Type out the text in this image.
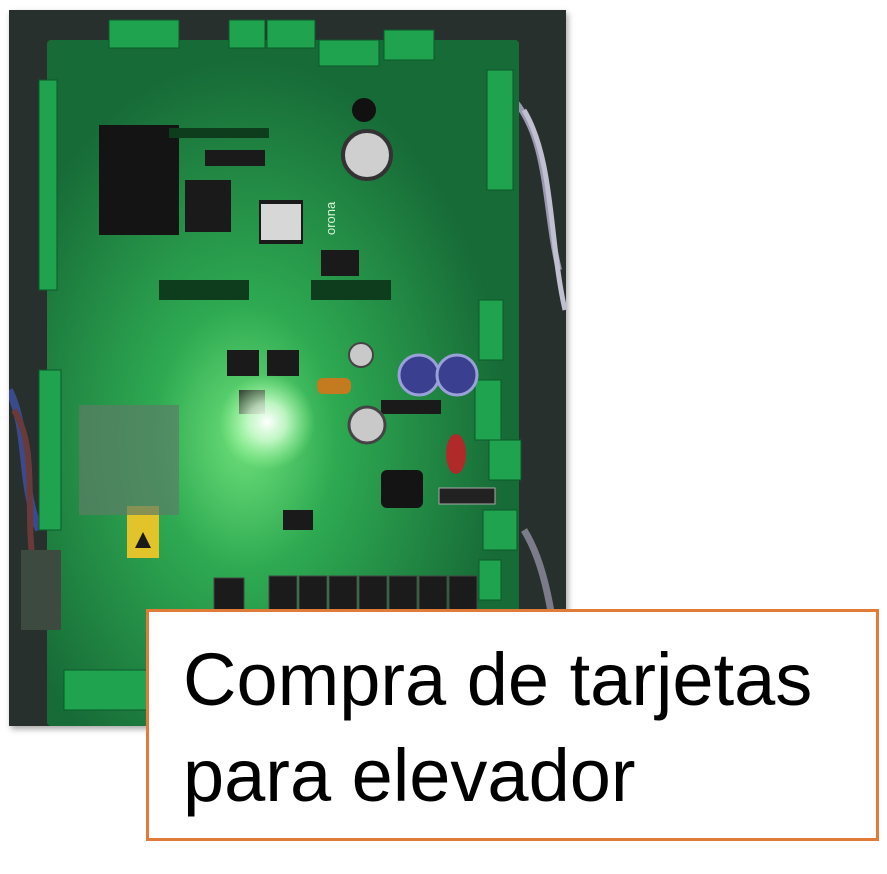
orona
Compra de tarjetas
para elevador
